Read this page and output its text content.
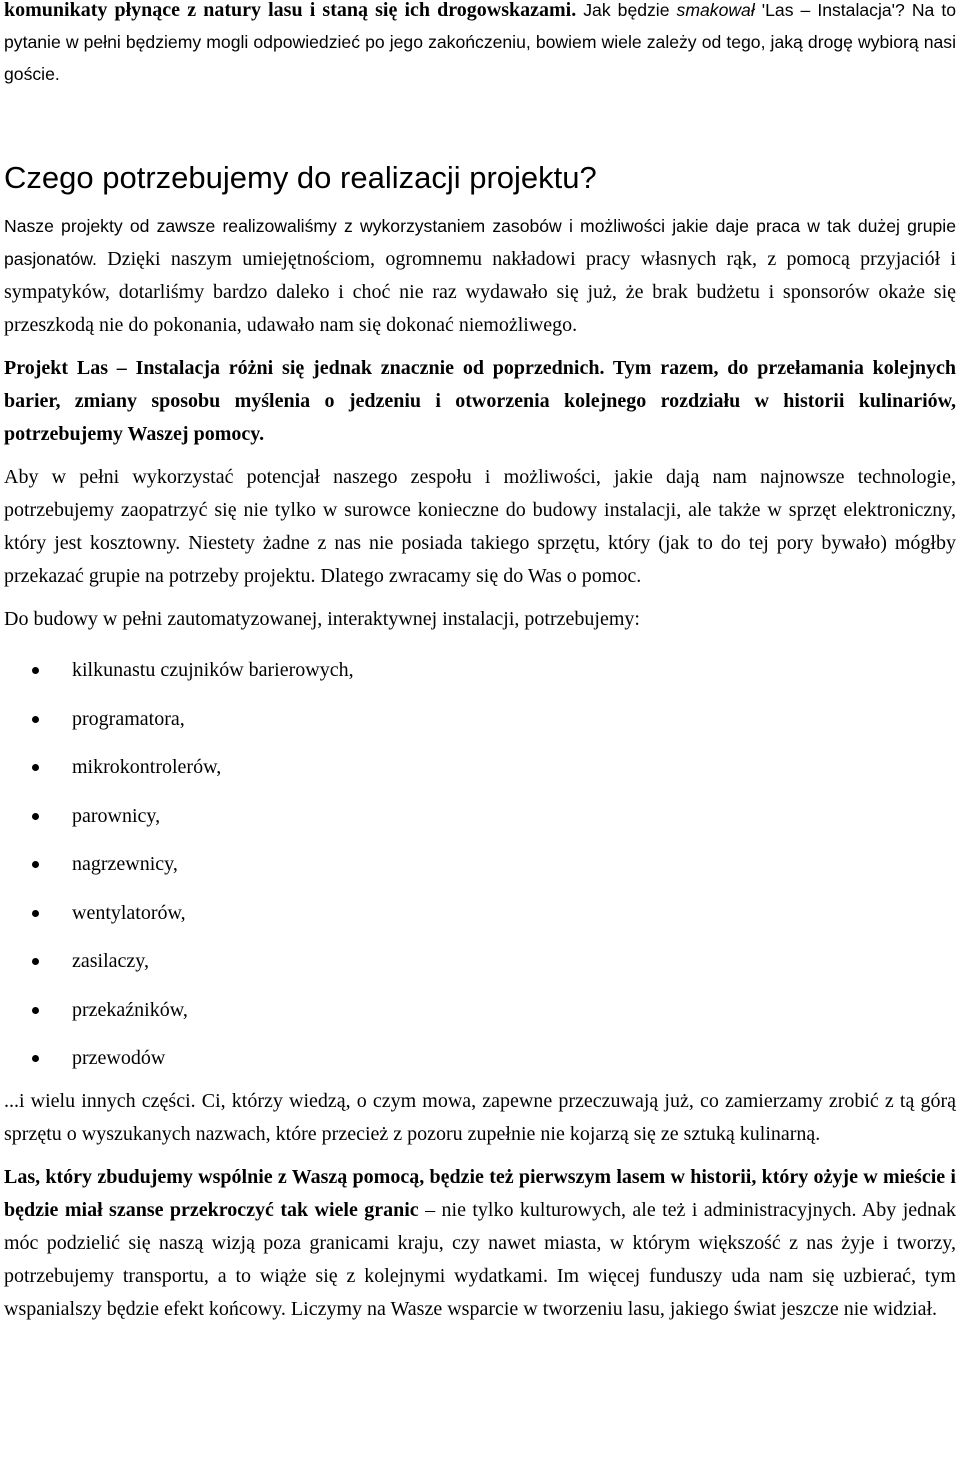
komunikaty płynące z natury lasu i staną się ich drogowskazami. Jak będzie smakował 'Las – Instalacja'? Na to pytanie w pełni będziemy mogli odpowiedzieć po jego zakończeniu, bowiem wiele zależy od tego, jaką drogę wybiorą nasi goście.

Czego potrzebujemy do realizacji projektu?

Nasze projekty od zawsze realizowaliśmy z wykorzystaniem zasobów i możliwości jakie daje praca w tak dużej grupie pasjonatów. Dzięki naszym umiejętnościom, ogromnemu nakładowi pracy własnych rąk, z pomocą przyjaciół i sympatyków, dotarliśmy bardzo daleko i choć nie raz wydawało się już, że brak budżetu i sponsorów okaże się przeszkodą nie do pokonania, udawało nam się dokonać niemożliwego.

Projekt Las – Instalacja różni się jednak znacznie od poprzednich. Tym razem, do przełamania kolejnych barier, zmiany sposobu myślenia o jedzeniu i otworzenia kolejnego rozdziału w historii kulinariów, potrzebujemy Waszej pomocy.

Aby w pełni wykorzystać potencjał naszego zespołu i możliwości, jakie dają nam najnowsze technologie, potrzebujemy zaopatrzyć się nie tylko w surowce konieczne do budowy instalacji, ale także w sprzęt elektroniczny, który jest kosztowny. Niestety żadne z nas nie posiada takiego sprzętu, który (jak to do tej pory bywało) mógłby przekazać grupie na potrzeby projektu. Dlatego zwracamy się do Was o pomoc.

Do budowy w pełni zautomatyzowanej, interaktywnej instalacji, potrzebujemy:

kilkunastu czujników barierowych,
programatora,
mikrokontrolerów,
parownicy,
nagrzewnicy,
wentylatorów,
zasilaczy,
przekaźników,
przewodów

...i wielu innych części. Ci, którzy wiedzą, o czym mowa, zapewne przeczuwają już, co zamierzamy zrobić z tą górą sprzętu o wyszukanych nazwach, które przecież z pozoru zupełnie nie kojarzą się ze sztuką kulinarną.

Las, który zbudujemy wspólnie z Waszą pomocą, będzie też pierwszym lasem w historii, który ożyje w mieście i będzie miał szanse przekroczyć tak wiele granic – nie tylko kulturowych, ale też i administracyjnych. Aby jednak móc podzielić się naszą wizją poza granicami kraju, czy nawet miasta, w którym większość z nas żyje i tworzy, potrzebujemy transportu, a to wiąże się z kolejnymi wydatkami. Im więcej funduszy uda nam się uzbierać, tym wspanialszy będzie efekt końcowy. Liczymy na Wasze wsparcie w tworzeniu lasu, jakiego świat jeszcze nie widział.
